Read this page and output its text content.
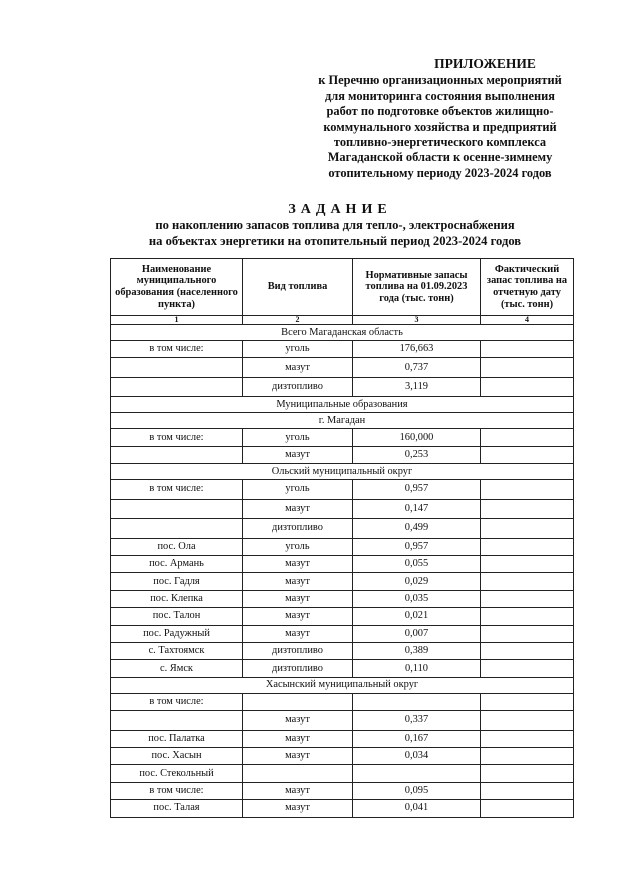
ПРИЛОЖЕНИЕ
к Перечню организационных мероприятий
для мониторинга состояния выполнения
работ по подготовке объектов жилищно-
коммунального хозяйства и предприятий
топливно-энергетического комплекса
Магаданской области к осенне-зимнему
отопительному периоду 2023-2024 годов
ЗАДАНИЕ
по накоплению запасов топлива для тепло-, электроснабжения
на объектах энергетики на отопительный период 2023-2024 годов
Наименование муниципального образования (населенного пункта)	Вид топлива	Нормативные запасы топлива на 01.09.2023 года (тыс. тонн)	Фактический запас топлива на отчетную дату (тыс. тонн)
1	2	3	4
Всего Магаданская область			
в том числе:	уголь	176,663	
	мазут	0,737	
	дизтопливо	3,119	
Муниципальные образования			
г. Магадан			
в том числе:	уголь	160,000	
	мазут	0,253	
Ольский муниципальный округ			
в том числе:	уголь	0,957	
	мазут	0,147	
	дизтопливо	0,499	
пос. Ола	уголь	0,957	
пос. Армань	мазут	0,055	
пос. Гадля	мазут	0,029	
пос. Клепка	мазут	0,035	
пос. Талон	мазут	0,021	
пос. Радужный	мазут	0,007	
с. Тахтоямск	дизтопливо	0,389	
с. Ямск	дизтопливо	0,110	
Хасынский муниципальный округ			
в том числе:			
	мазут	0,337	
пос. Палатка	мазут	0,167	
пос. Хасын	мазут	0,034	
пос. Стекольный			
в том числе:	мазут	0,095	
пос. Талая	мазут	0,041	
